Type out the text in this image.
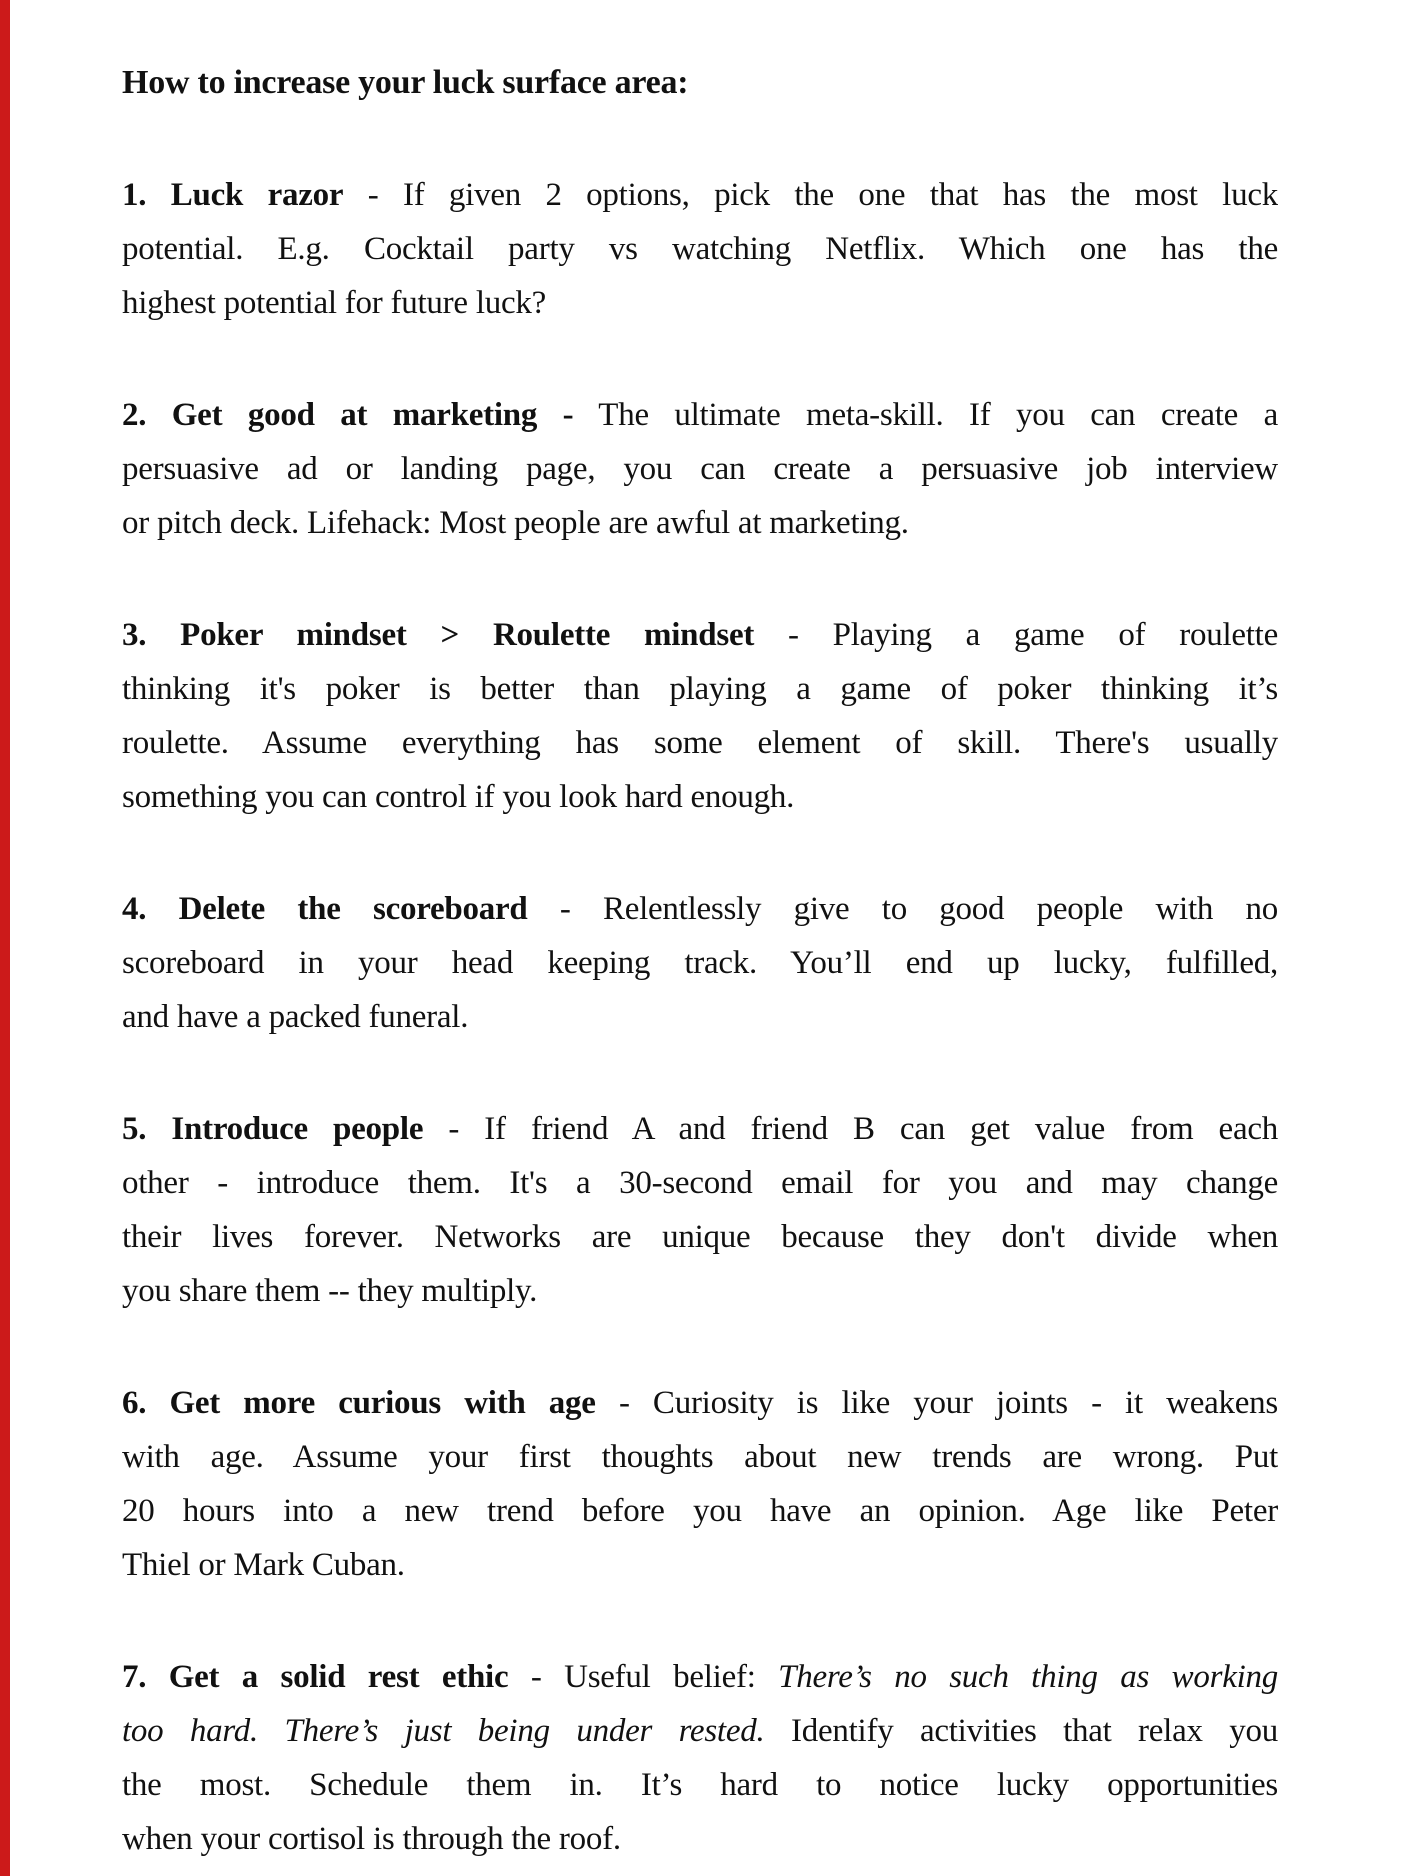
How to increase your luck surface area:
1. Luck razor - If given 2 options, pick the one that has the most luck
potential. E.g. Cocktail party vs watching Netflix. Which one has the
highest potential for future luck?
2. Get good at marketing - The ultimate meta-skill. If you can create a
persuasive ad or landing page, you can create a persuasive job interview
or pitch deck. Lifehack: Most people are awful at marketing.
3. Poker mindset > Roulette mindset - Playing a game of roulette
thinking it's poker is better than playing a game of poker thinking it’s
roulette. Assume everything has some element of skill. There's usually
something you can control if you look hard enough.
4. Delete the scoreboard - Relentlessly give to good people with no
scoreboard in your head keeping track. You’ll end up lucky, fulfilled,
and have a packed funeral.
5. Introduce people - If friend A and friend B can get value from each
other - introduce them. It's a 30-second email for you and may change
their lives forever. Networks are unique because they don't divide when
you share them -- they multiply.
6. Get more curious with age - Curiosity is like your joints - it weakens
with age. Assume your first thoughts about new trends are wrong. Put
20 hours into a new trend before you have an opinion. Age like Peter
Thiel or Mark Cuban.
7. Get a solid rest ethic - Useful belief: There’s no such thing as working
too hard. There’s just being under rested. Identify activities that relax you
the most. Schedule them in. It’s hard to notice lucky opportunities
when your cortisol is through the roof.
